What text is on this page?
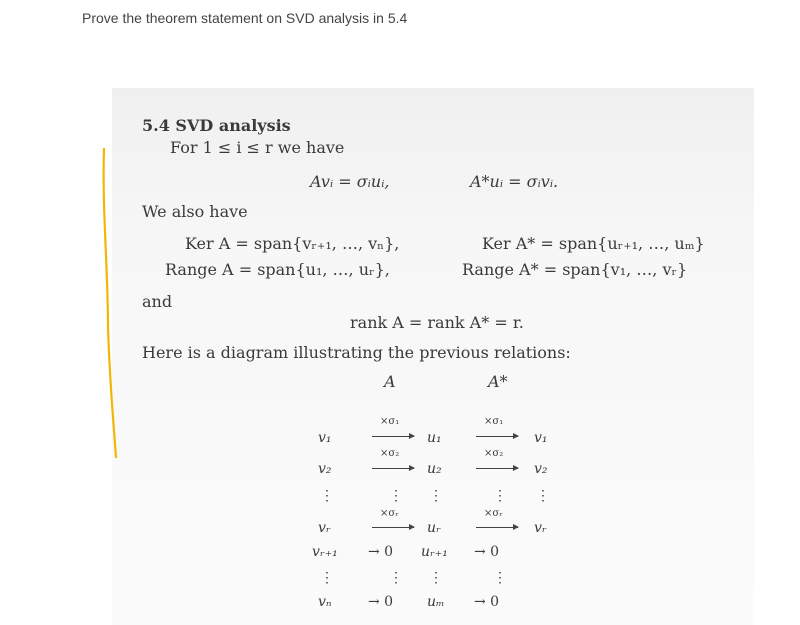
Prove the theorem statement on SVD analysis in 5.4
5.4 SVD analysis
For 1 ≤ i ≤ r we have
Avᵢ = σᵢuᵢ,	A*uᵢ = σᵢvᵢ.
We also have
Ker A = span{vᵣ₊₁, …, vₙ},
Range A = span{u₁, …, uᵣ},
Ker A* = span{uᵣ₊₁, …, uₘ}
Range A* = span{v₁, …, vᵣ}
and
rank A = rank A* = r.
Here is a diagram illustrating the previous relations:
A	A*
v₁
v₂
⋮
vᵣ
vᵣ₊₁
⋮
vₙ
×σ₁
×σ₂
⋮
×σᵣ
→ 0
⋮
→ 0
u₁
u₂
⋮
uᵣ
uᵣ₊₁
⋮
uₘ
×σ₁
×σ₂
⋮
×σᵣ
→ 0
⋮
→ 0
v₁
v₂
⋮
vᵣ
